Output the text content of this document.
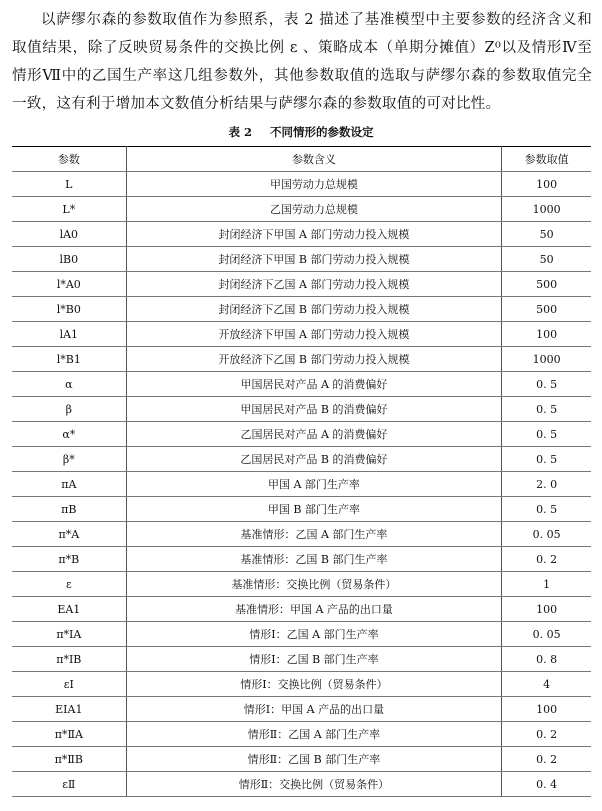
以萨缪尔森的参数取值作为参照系，表 2 描述了基准模型中主要参数的经济含义和取值结果，除了反映贸易条件的交换比例 ε 、策略成本（单期分摊值）Z⁰以及情形Ⅳ至情形Ⅶ中的乙国生产率这几组参数外，其他参数取值的选取与萨缪尔森的参数取值完全一致，这有利于增加本文数值分析结果与萨缪尔森的参数取值的可对比性。

表 2 不同情形的参数设定
参数	参数含义	参数取值
L	甲国劳动力总规模	100
L*	乙国劳动力总规模	1000
lA0	封闭经济下甲国 A 部门劳动力投入规模	50
lB0	封闭经济下甲国 B 部门劳动力投入规模	50
l*A0	封闭经济下乙国 A 部门劳动力投入规模	500
l*B0	封闭经济下乙国 B 部门劳动力投入规模	500
lA1	开放经济下甲国 A 部门劳动力投入规模	100
l*B1	开放经济下乙国 B 部门劳动力投入规模	1000
α	甲国居民对产品 A 的消费偏好	0. 5
β	甲国居民对产品 B 的消费偏好	0. 5
α*	乙国居民对产品 A 的消费偏好	0. 5
β*	乙国居民对产品 B 的消费偏好	0. 5
πA	甲国 A 部门生产率	2. 0
πB	甲国 B 部门生产率	0. 5
π*A	基准情形：乙国 A 部门生产率	0. 05
π*B	基准情形：乙国 B 部门生产率	0. 2
ε	基准情形：交换比例（贸易条件）	1
EA1	基准情形：甲国 A 产品的出口量	100
π*ⅠA	情形Ⅰ：乙国 A 部门生产率	0. 05
π*ⅠB	情形Ⅰ：乙国 B 部门生产率	0. 8
εⅠ	情形Ⅰ：交换比例（贸易条件）	4
EⅠA1	情形Ⅰ：甲国 A 产品的出口量	100
π*ⅡA	情形Ⅱ：乙国 A 部门生产率	0. 2
π*ⅡB	情形Ⅱ：乙国 B 部门生产率	0. 2
εⅡ	情形Ⅱ：交换比例（贸易条件）	0. 4
